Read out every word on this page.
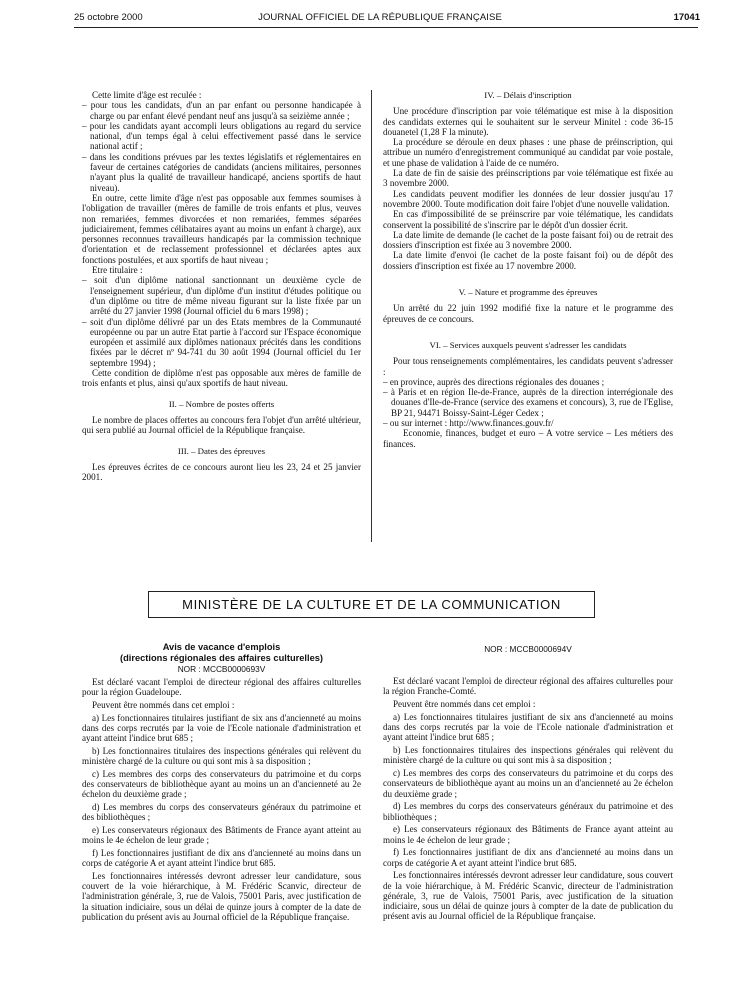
25 octobre 2000	JOURNAL OFFICIEL DE LA RÉPUBLIQUE FRANÇAISE	17041

Cette limite d'âge est reculée :

– pour tous les candidats, d'un an par enfant ou personne handicapée à charge ou par enfant élevé pendant neuf ans jusqu'à sa seizième année ;

– pour les candidats ayant accompli leurs obligations au regard du service national, d'un temps égal à celui effectivement passé dans le service national actif ;

– dans les conditions prévues par les textes législatifs et réglementaires en faveur de certaines catégories de candidats (anciens militaires, personnes n'ayant plus la qualité de travailleur handicapé, anciens sportifs de haut niveau).

En outre, cette limite d'âge n'est pas opposable aux femmes soumises à l'obligation de travailler (mères de famille de trois enfants et plus, veuves non remariées, femmes divorcées et non remariées, femmes séparées judiciairement, femmes célibataires ayant au moins un enfant à charge), aux personnes reconnues travailleurs handicapés par la commission technique d'orientation et de reclassement professionnel et déclarées aptes aux fonctions postulées, et aux sportifs de haut niveau ;

Etre titulaire :

– soit d'un diplôme national sanctionnant un deuxième cycle de l'enseignement supérieur, d'un diplôme d'un institut d'études politique ou d'un diplôme ou titre de même niveau figurant sur la liste fixée par un arrêté du 27 janvier 1998 (Journal officiel du 6 mars 1998) ;

– soit d'un diplôme délivré par un des Etats membres de la Communauté européenne ou par un autre Etat partie à l'accord sur l'Espace économique européen et assimilé aux diplômes nationaux précités dans les conditions fixées par le décret nº 94-741 du 30 août 1994 (Journal officiel du 1er septembre 1994) ;

Cette condition de diplôme n'est pas opposable aux mères de famille de trois enfants et plus, ainsi qu'aux sportifs de haut niveau.

II. – Nombre de postes offerts

Le nombre de places offertes au concours fera l'objet d'un arrêté ultérieur, qui sera publié au Journal officiel de la République française.

III. – Dates des épreuves

Les épreuves écrites de ce concours auront lieu les 23, 24 et 25 janvier 2001.

IV. – Délais d'inscription

Une procédure d'inscription par voie télématique est mise à la disposition des candidats externes qui le souhaitent sur le serveur Minitel : code 36-15 douanetel (1,28 F la minute).

La procédure se déroule en deux phases : une phase de préinscription, qui attribue un numéro d'enregistrement communiqué au candidat par voie postale, et une phase de validation à l'aide de ce numéro.

La date de fin de saisie des préinscriptions par voie télématique est fixée au 3 novembre 2000.

Les candidats peuvent modifier les données de leur dossier jusqu'au 17 novembre 2000. Toute modification doit faire l'objet d'une nouvelle validation.

En cas d'impossibilité de se préinscrire par voie télématique, les candidats conservent la possibilité de s'inscrire par le dépôt d'un dossier écrit.

La date limite de demande (le cachet de la poste faisant foi) ou de retrait des dossiers d'inscription est fixée au 3 novembre 2000.

La date limite d'envoi (le cachet de la poste faisant foi) ou de dépôt des dossiers d'inscription est fixée au 17 novembre 2000.

V. – Nature et programme des épreuves

Un arrêté du 22 juin 1992 modifié fixe la nature et le programme des épreuves de ce concours.

VI. – Services auxquels peuvent s'adresser les candidats

Pour tous renseignements complémentaires, les candidats peuvent s'adresser :

– en province, auprès des directions régionales des douanes ;

– à Paris et en région Ile-de-France, auprès de la direction interrégionale des douanes d'Ile-de-France (service des examens et concours), 3, rue de l'Eglise, BP 21, 94471 Boissy-Saint-Léger Cedex ;

– ou sur internet : http://www.finances.gouv.fr/

Economie, finances, budget et euro – A votre service – Les métiers des finances.

MINISTÈRE DE LA CULTURE ET DE LA COMMUNICATION

Avis de vacance d'emplois

(directions régionales des affaires culturelles)

NOR : MCCB0000693V

Est déclaré vacant l'emploi de directeur régional des affaires culturelles pour la région Guadeloupe.

Peuvent être nommés dans cet emploi :

a) Les fonctionnaires titulaires justifiant de six ans d'ancienneté au moins dans des corps recrutés par la voie de l'Ecole nationale d'administration et ayant atteint l'indice brut 685 ;

b) Les fonctionnaires titulaires des inspections générales qui relèvent du ministère chargé de la culture ou qui sont mis à sa disposition ;

c) Les membres des corps des conservateurs du patrimoine et du corps des conservateurs de bibliothèque ayant au moins un an d'ancienneté au 2e échelon du deuxième grade ;

d) Les membres du corps des conservateurs généraux du patrimoine et des bibliothèques ;

e) Les conservateurs régionaux des Bâtiments de France ayant atteint au moins le 4e échelon de leur grade ;

f) Les fonctionnaires justifiant de dix ans d'ancienneté au moins dans un corps de catégorie A et ayant atteint l'indice brut 685.

Les fonctionnaires intéressés devront adresser leur candidature, sous couvert de la voie hiérarchique, à M. Frédéric Scanvic, directeur de l'administration générale, 3, rue de Valois, 75001 Paris, avec justification de la situation indiciaire, sous un délai de quinze jours à compter de la date de publication du présent avis au Journal officiel de la République française.

NOR : MCCB0000694V

Est déclaré vacant l'emploi de directeur régional des affaires culturelles pour la région Franche-Comté.

Peuvent être nommés dans cet emploi :

a) Les fonctionnaires titulaires justifiant de six ans d'ancienneté au moins dans des corps recrutés par la voie de l'Ecole nationale d'administration et ayant atteint l'indice brut 685 ;

b) Les fonctionnaires titulaires des inspections générales qui relèvent du ministère chargé de la culture ou qui sont mis à sa disposition ;

c) Les membres des corps des conservateurs du patrimoine et du corps des conservateurs de bibliothèque ayant au moins un an d'ancienneté au 2e échelon du deuxième grade ;

d) Les membres du corps des conservateurs généraux du patrimoine et des bibliothèques ;

e) Les conservateurs régionaux des Bâtiments de France ayant atteint au moins le 4e échelon de leur grade ;

f) Les fonctionnaires justifiant de dix ans d'ancienneté au moins dans un corps de catégorie A et ayant atteint l'indice brut 685.

Les fonctionnaires intéressés devront adresser leur candidature, sous couvert de la voie hiérarchique, à M. Frédéric Scanvic, directeur de l'administration générale, 3, rue de Valois, 75001 Paris, avec justification de la situation indiciaire, sous un délai de quinze jours à compter de la date de publication du présent avis au Journal officiel de la République française.
